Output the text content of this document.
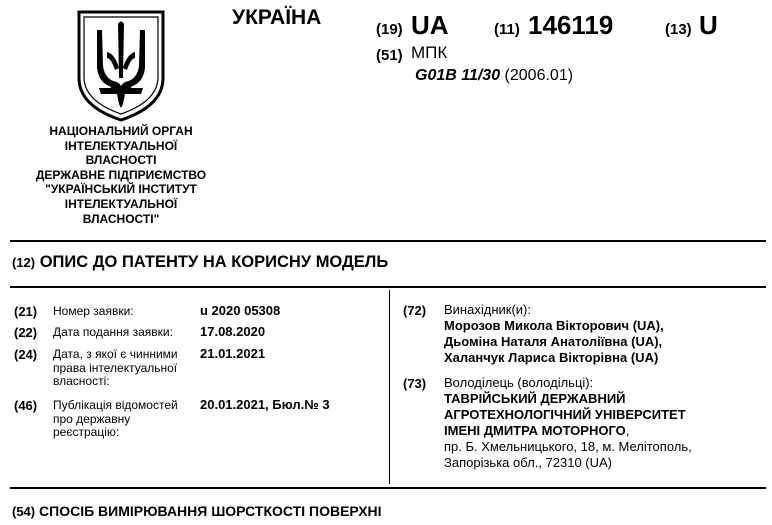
НАЦІОНАЛЬНИЙ ОРГАН
ІНТЕЛЕКТУАЛЬНОЇ
ВЛАСНОСТІ
ДЕРЖАВНЕ ПІДПРИЄМСТВО
"УКРАЇНСЬКИЙ ІНСТИТУТ
ІНТЕЛЕКТУАЛЬНОЇ
ВЛАСНОСТІ"
УКРАЇНА
(19) UA	(11) 146119	(13) U
(51) МПК
G01B 11/30 (2006.01)
(12) ОПИС ДО ПАТЕНТУ НА КОРИСНУ МОДЕЛЬ
(21) Номер заявки:	u 2020 05308
(22) Дата подання заявки:	17.08.2020
(24) Дата, з якої є чинними права інтелектуальної власності:
21.01.2021
(46) Публікація відомостей про державну реєстрацію:
20.01.2021, Бюл.№ 3
(72) Винахідник(и):
Морозов Микола Вікторович (UA),
Дьоміна Наталя Анатоліївна (UA),
Халанчук Лариса Вікторівна (UA)
(73) Володілець (володільці):
ТАВРІЙСЬКИЙ ДЕРЖАВНИЙ
АГРОТЕХНОЛОГІЧНИЙ УНІВЕРСИТЕТ
ІМЕНІ ДМИТРА МОТОРНОГО,
пр. Б. Хмельницького, 18, м. Мелітополь,
Запорізька обл., 72310 (UA)
(54) СПОСІБ ВИМІРЮВАННЯ ШОРСТКОСТІ ПОВЕРХНІ
